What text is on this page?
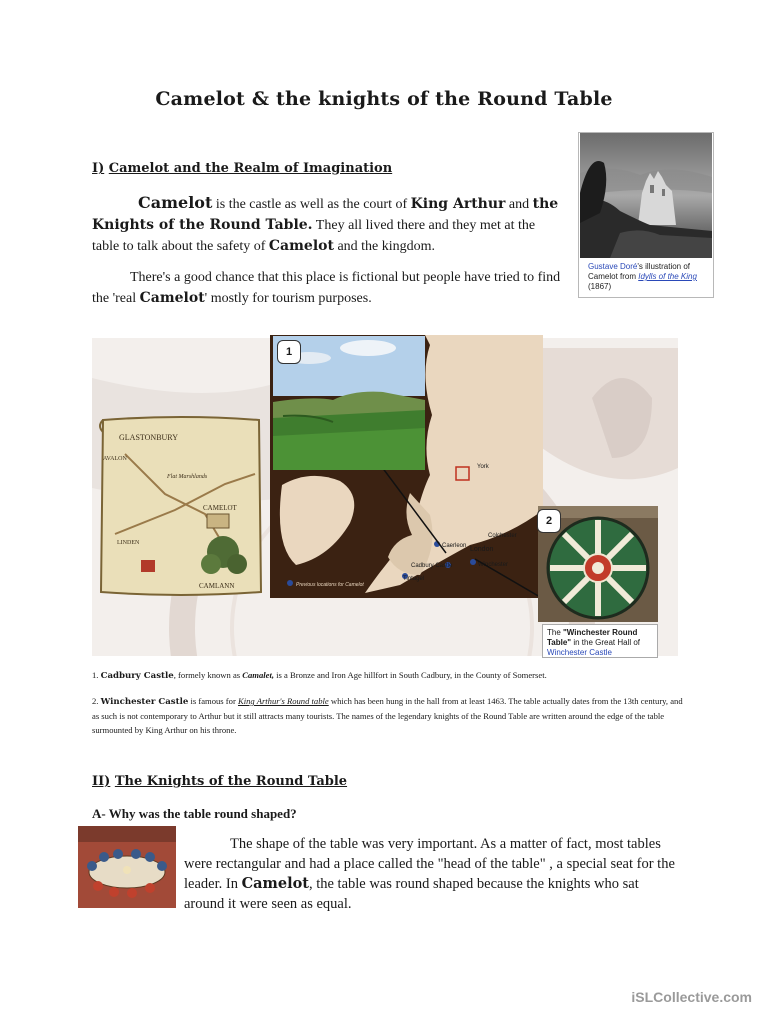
Camelot & the knights of the Round Table
I) Camelot and the Realm of Imagination
Camelot is the castle as well as the court of King Arthur and the Knights of the Round Table. They all lived there and they met at the table to talk about the safety of Camelot and the kingdom.
There's a good chance that this place is fictional but people have tried to find the 'real Camelot' mostly for tourism purposes.
Gustave Doré's illustration of Camelot from Idylls of the King (1867)
GLASTONBURY
AVALON
Flat Marshlands
CAMELOT
CAMLANN
LINDEN
York
Colchester
London
Winchester
Cadbury Castle
Tintagel
Caerleon
Previous locations for Camelot
1
2
The "Winchester Round Table" in the Great Hall of Winchester Castle
1. Cadbury Castle, formely known as Camalet, is a Bronze and Iron Age hillfort in South Cadbury, in the County of Somerset.
2. Winchester Castle is famous for King Arthur's Round table which has been hung in the hall from at least 1463. The table actually dates from the 13th century, and as such is not contemporary to Arthur but it still attracts many tourists. The names of the legendary knights of the Round Table are written around the edge of the table surmounted by King Arthur on his throne.
II) The Knights of the Round Table
A- Why was the table round shaped?
The shape of the table was very important. As a matter of fact, most tables were rectangular and had a place called the "head of the table" , a special seat for the leader. In Camelot, the table was round shaped because the knights who sat around it were seen as equal.
iSLCollective.com
